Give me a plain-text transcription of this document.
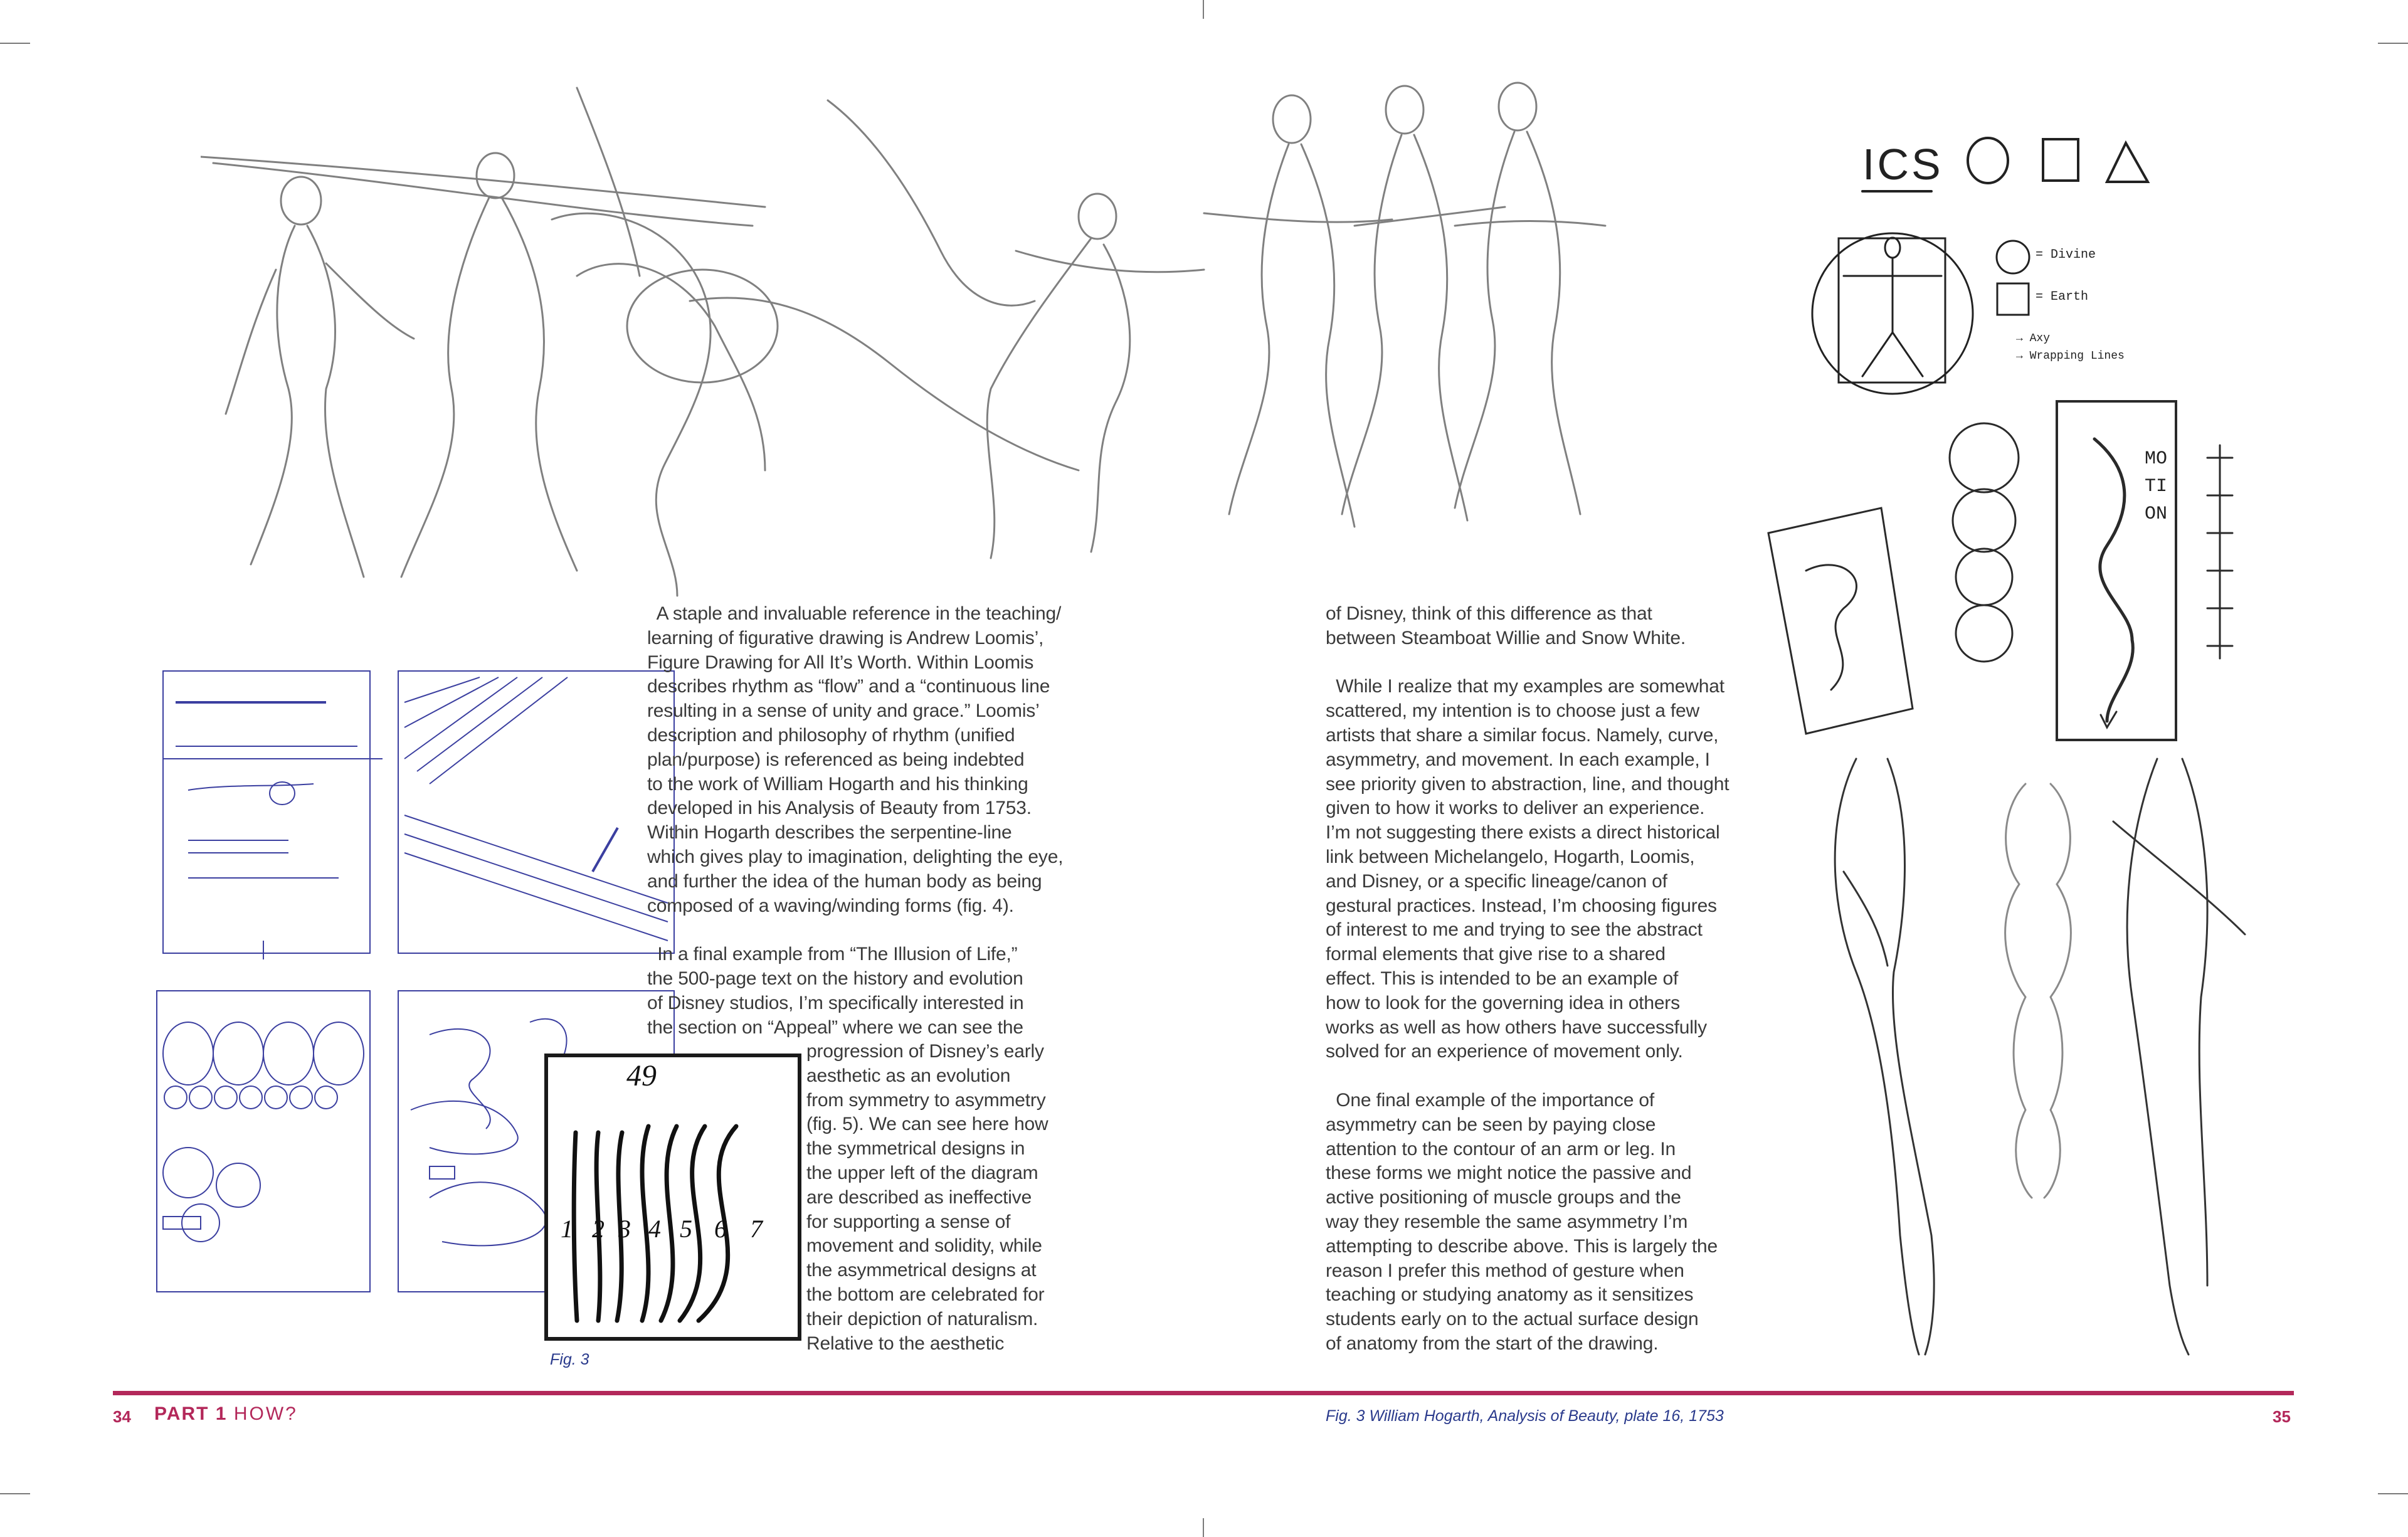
49
1 2 3 4 5 6 7
Fig. 3

A staple and invaluable reference in the teaching/

learning of figurative drawing is Andrew Loomis’,

Figure Drawing for All It’s Worth. Within Loomis

describes rhythm as “flow” and a “continuous line

resulting in a sense of unity and grace.” Loomis’

description and philosophy of rhythm (unified

plan/purpose) is referenced as being indebted

to the work of William Hogarth and his thinking

developed in his Analysis of Beauty from 1753.

Within Hogarth describes the serpentine-line

which gives play to imagination, delighting the eye,

and further the idea of the human body as being

composed of a waving/winding forms (fig. 4).

In a final example from “The Illusion of Life,”

the 500-page text on the history and evolution

of Disney studios, I’m specifically interested in

the section on “Appeal” where we can see the

progression of Disney’s early

aesthetic as an evolution

from symmetry to asymmetry

(fig. 5). We can see here how

the symmetrical designs in

the upper left of the diagram

are described as ineffective

for supporting a sense of

movement and solidity, while

the asymmetrical designs at

the bottom are celebrated for

their depiction of naturalism.

Relative to the aesthetic

of Disney, think of this difference as that

between Steamboat Willie and Snow White.

While I realize that my examples are somewhat

scattered, my intention is to choose just a few

artists that share a similar focus. Namely, curve,

asymmetry, and movement. In each example, I

see priority given to abstraction, line, and thought

given to how it works to deliver an experience.

I’m not suggesting there exists a direct historical

link between Michelangelo, Hogarth, Loomis,

and Disney, or a specific lineage/canon of

gestural practices. Instead, I’m choosing figures

of interest to me and trying to see the abstract

formal elements that give rise to a shared

effect. This is intended to be an example of

how to look for the governing idea in others

works as well as how others have successfully

solved for an experience of movement only.

One final example of the importance of

asymmetry can be seen by paying close

attention to the contour of an arm or leg. In

these forms we might notice the passive and

active positioning of muscle groups and the

way they resemble the same asymmetry I’m

attempting to describe above. This is largely the

reason I prefer this method of gesture when

teaching or studying anatomy as it sensitizes

students early on to the actual surface design

of anatomy from the start of the drawing.

ICS
= Divine
= Earth
→ Axy
→ Wrapping Lines
MOTION
34 PART 1 HOW?	Fig. 3 William Hogarth, Analysis of Beauty, plate 16, 1753	35
